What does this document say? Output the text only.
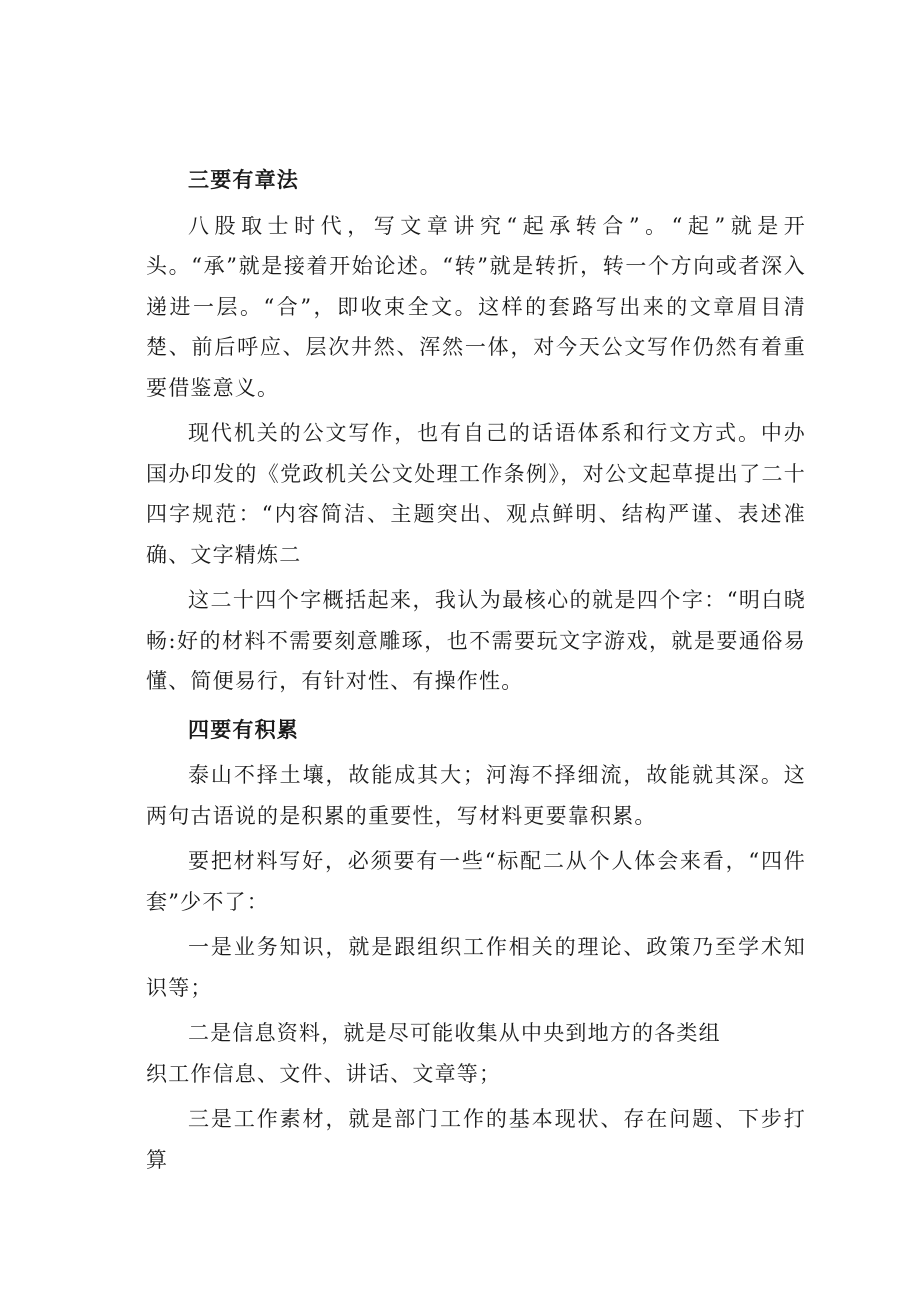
三要有章法

八股取士时代，写文章讲究“起承转合”。“起”就是开头。“承”就是接着开始论述。“转”就是转折，转一个方向或者深入递进一层。“合”，即收束全文。这样的套路写出来的文章眉目清楚、前后呼应、层次井然、浑然一体，对今天公文写作仍然有着重要借鉴意义。

现代机关的公文写作，也有自己的话语体系和行文方式。中办国办印发的《党政机关公文处理工作条例》，对公文起草提出了二十四字规范：“内容简洁、主题突出、观点鲜明、结构严谨、表述准确、文字精炼二

这二十四个字概括起来，我认为最核心的就是四个字：“明白晓畅:好的材料不需要刻意雕琢，也不需要玩文字游戏，就是要通俗易懂、简便易行，有针对性、有操作性。

四要有积累

泰山不择土壤，故能成其大；河海不择细流，故能就其深。这两句古语说的是积累的重要性，写材料更要靠积累。

要把材料写好，必须要有一些“标配二从个人体会来看，“四件套”少不了：

一是业务知识，就是跟组织工作相关的理论、政策乃至学术知识等；

二是信息资料，就是尽可能收集从中央到地方的各类组
织工作信息、文件、讲话、文章等；

三是工作素材，就是部门工作的基本现状、存在问题、下步打算
